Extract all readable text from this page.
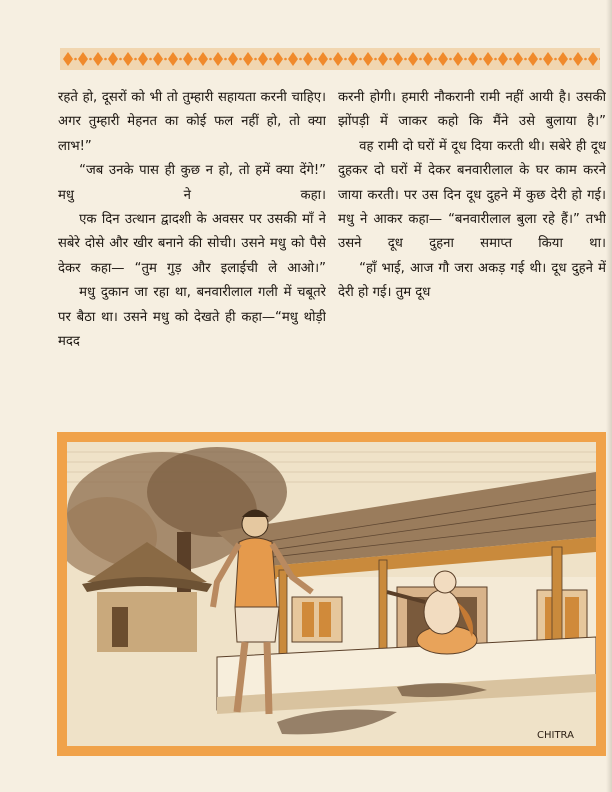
रहते हो, दूसरों को भी तो तुम्हारी सहायता करनी चाहिए। अगर तुम्हारी मेहनत का कोई फल नहीं हो, तो क्या लाभ!”

“जब उनके पास ही कुछ न हो, तो हमें क्या देंगे!” मधु ने कहा।

एक दिन उत्थान द्वादशी के अवसर पर उसकी माँ ने सबेरे दोसे और खीर बनाने की सोची। उसने मधु को पैसे देकर कहा— “तुम गुड़ और इलाईची ले आओ।”

मधु दुकान जा रहा था, बनवारीलाल गली में चबूतरे पर बैठा था। उसने मधु को देखते ही कहा—“मधु थोड़ी मदद

करनी होगी। हमारी नौकरानी रामी नहीं आयी है। उसकी झोंपड़ी में जाकर कहो कि मैंने उसे बुलाया है।”

वह रामी दो घरों में दूध दिया करती थी। सबेरे ही दूध दुहकर दो घरों में देकर बनवारीलाल के घर काम करने जाया करती। पर उस दिन दूध दुहने में कुछ देरी हो गई। मधु ने आकर कहा— “बनवारीलाल बुला रहे हैं।” तभी उसने दूध दुहना समाप्त किया था।

“हाँ भाई, आज गौ जरा अकड़ गई थी। दूध दुहने में देरी हो गई। तुम दूध

CHITRA
